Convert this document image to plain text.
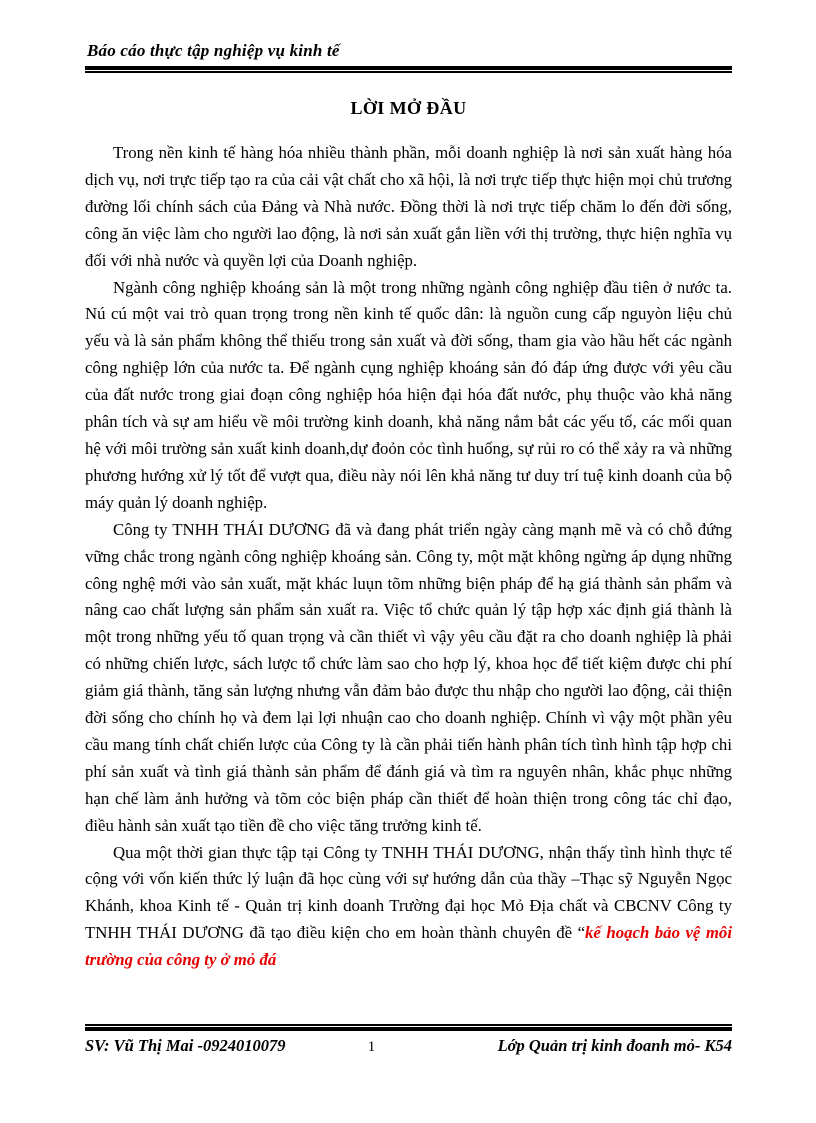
Báo cáo thực tập nghiệp vụ kinh tế
LỜI MỞ ĐẦU

Trong nền kinh tế hàng hóa nhiều thành phần, mỗi doanh nghiệp là nơi sản xuất hàng hóa dịch vụ, nơi trực tiếp tạo ra của cải vật chất cho xã hội, là nơi trực tiếp thực hiện mọi chủ trương đường lối chính sách của Đảng và Nhà nước. Đồng thời là nơi trực tiếp chăm lo đến đời sống, công ăn việc làm cho người lao động, là nơi sản xuất gắn liền với thị trường, thực hiện nghĩa vụ đối với nhà nước và quyền lợi của Doanh nghiệp.

Ngành công nghiệp khoáng sản là một trong những ngành công nghiệp đầu tiên ở nước ta. Nú cú một vai trò quan trọng trong nền kinh tế quốc dân: là nguồn cung cấp nguyòn liệu chủ yếu và là sản phẩm không thể thiếu trong sản xuất và đời sống, tham gia vào hầu hết các ngành công nghiệp lớn của nước ta. Để ngành cụng nghiệp khoáng sản đó đáp ứng được với yêu cầu của đất nước trong giai đoạn công nghiệp hóa hiện đại hóa đất nước, phụ thuộc vào khả năng phân tích và sự am hiểu về môi trường kinh doanh, khả năng nắm bắt các yếu tố, các mối quan hệ với môi trường sản xuất kinh doanh,dự đoỏn cỏc tình huống, sự rủi ro có thể xảy ra và những phương hướng xử lý tốt để vượt qua, điều này nói lên khả năng tư duy trí tuệ kinh doanh của bộ máy quản lý doanh nghiệp.

Công ty TNHH THÁI DƯƠNG đã và đang phát triển ngày càng mạnh mẽ và có chỗ đứng vững chắc trong ngành công nghiệp khoáng sản. Công ty, một mặt không ngừng áp dụng những công nghệ mới vào sản xuất, mặt khác luụn tõm những biện pháp để hạ giá thành sản phẩm và nâng cao chất lượng sản phẩm sản xuất ra. Việc tổ chức quản lý tập hợp xác định giá thành là một trong những yếu tố quan trọng và cần thiết vì vậy yêu cầu đặt ra cho doanh nghiệp là phải có những chiến lược, sách lược tổ chức làm sao cho hợp lý, khoa học để tiết kiệm được chi phí giảm giá thành, tăng sản lượng nhưng vẫn đảm bảo được thu nhập cho người lao động, cải thiện đời sống cho chính họ và đem lại lợi nhuận cao cho doanh nghiệp. Chính vì vậy một phần yêu cầu mang tính chất chiến lược của Công ty là cần phải tiến hành phân tích tình hình tập hợp chi phí sản xuất và tình giá thành sản phẩm để đánh giá và tìm ra nguyên nhân, khắc phục những hạn chế làm ảnh hưởng và tõm cỏc biện pháp cần thiết để hoàn thiện trong công tác chỉ đạo, điều hành sản xuất tạo tiền đề cho việc tăng trưởng kinh tế.

Qua một thời gian thực tập tại Công ty TNHH THÁI DƯƠNG, nhận thấy tình hình thực tế cộng với vốn kiến thức lý luận đã học cùng với sự hướng dẫn của thầy –Thạc sỹ Nguyễn Ngọc Khánh, khoa Kinh tế - Quản trị kinh doanh Trường đại học Mỏ Địa chất và CBCNV Công ty TNHH THÁI DƯƠNG đã tạo điều kiện cho em hoàn thành chuyên đề “kế hoạch bảo vệ môi trường của công ty ở mỏ đá

SV: Vũ Thị Mai -0924010079	1	Lớp Quản trị kinh đoanh mỏ- K54
